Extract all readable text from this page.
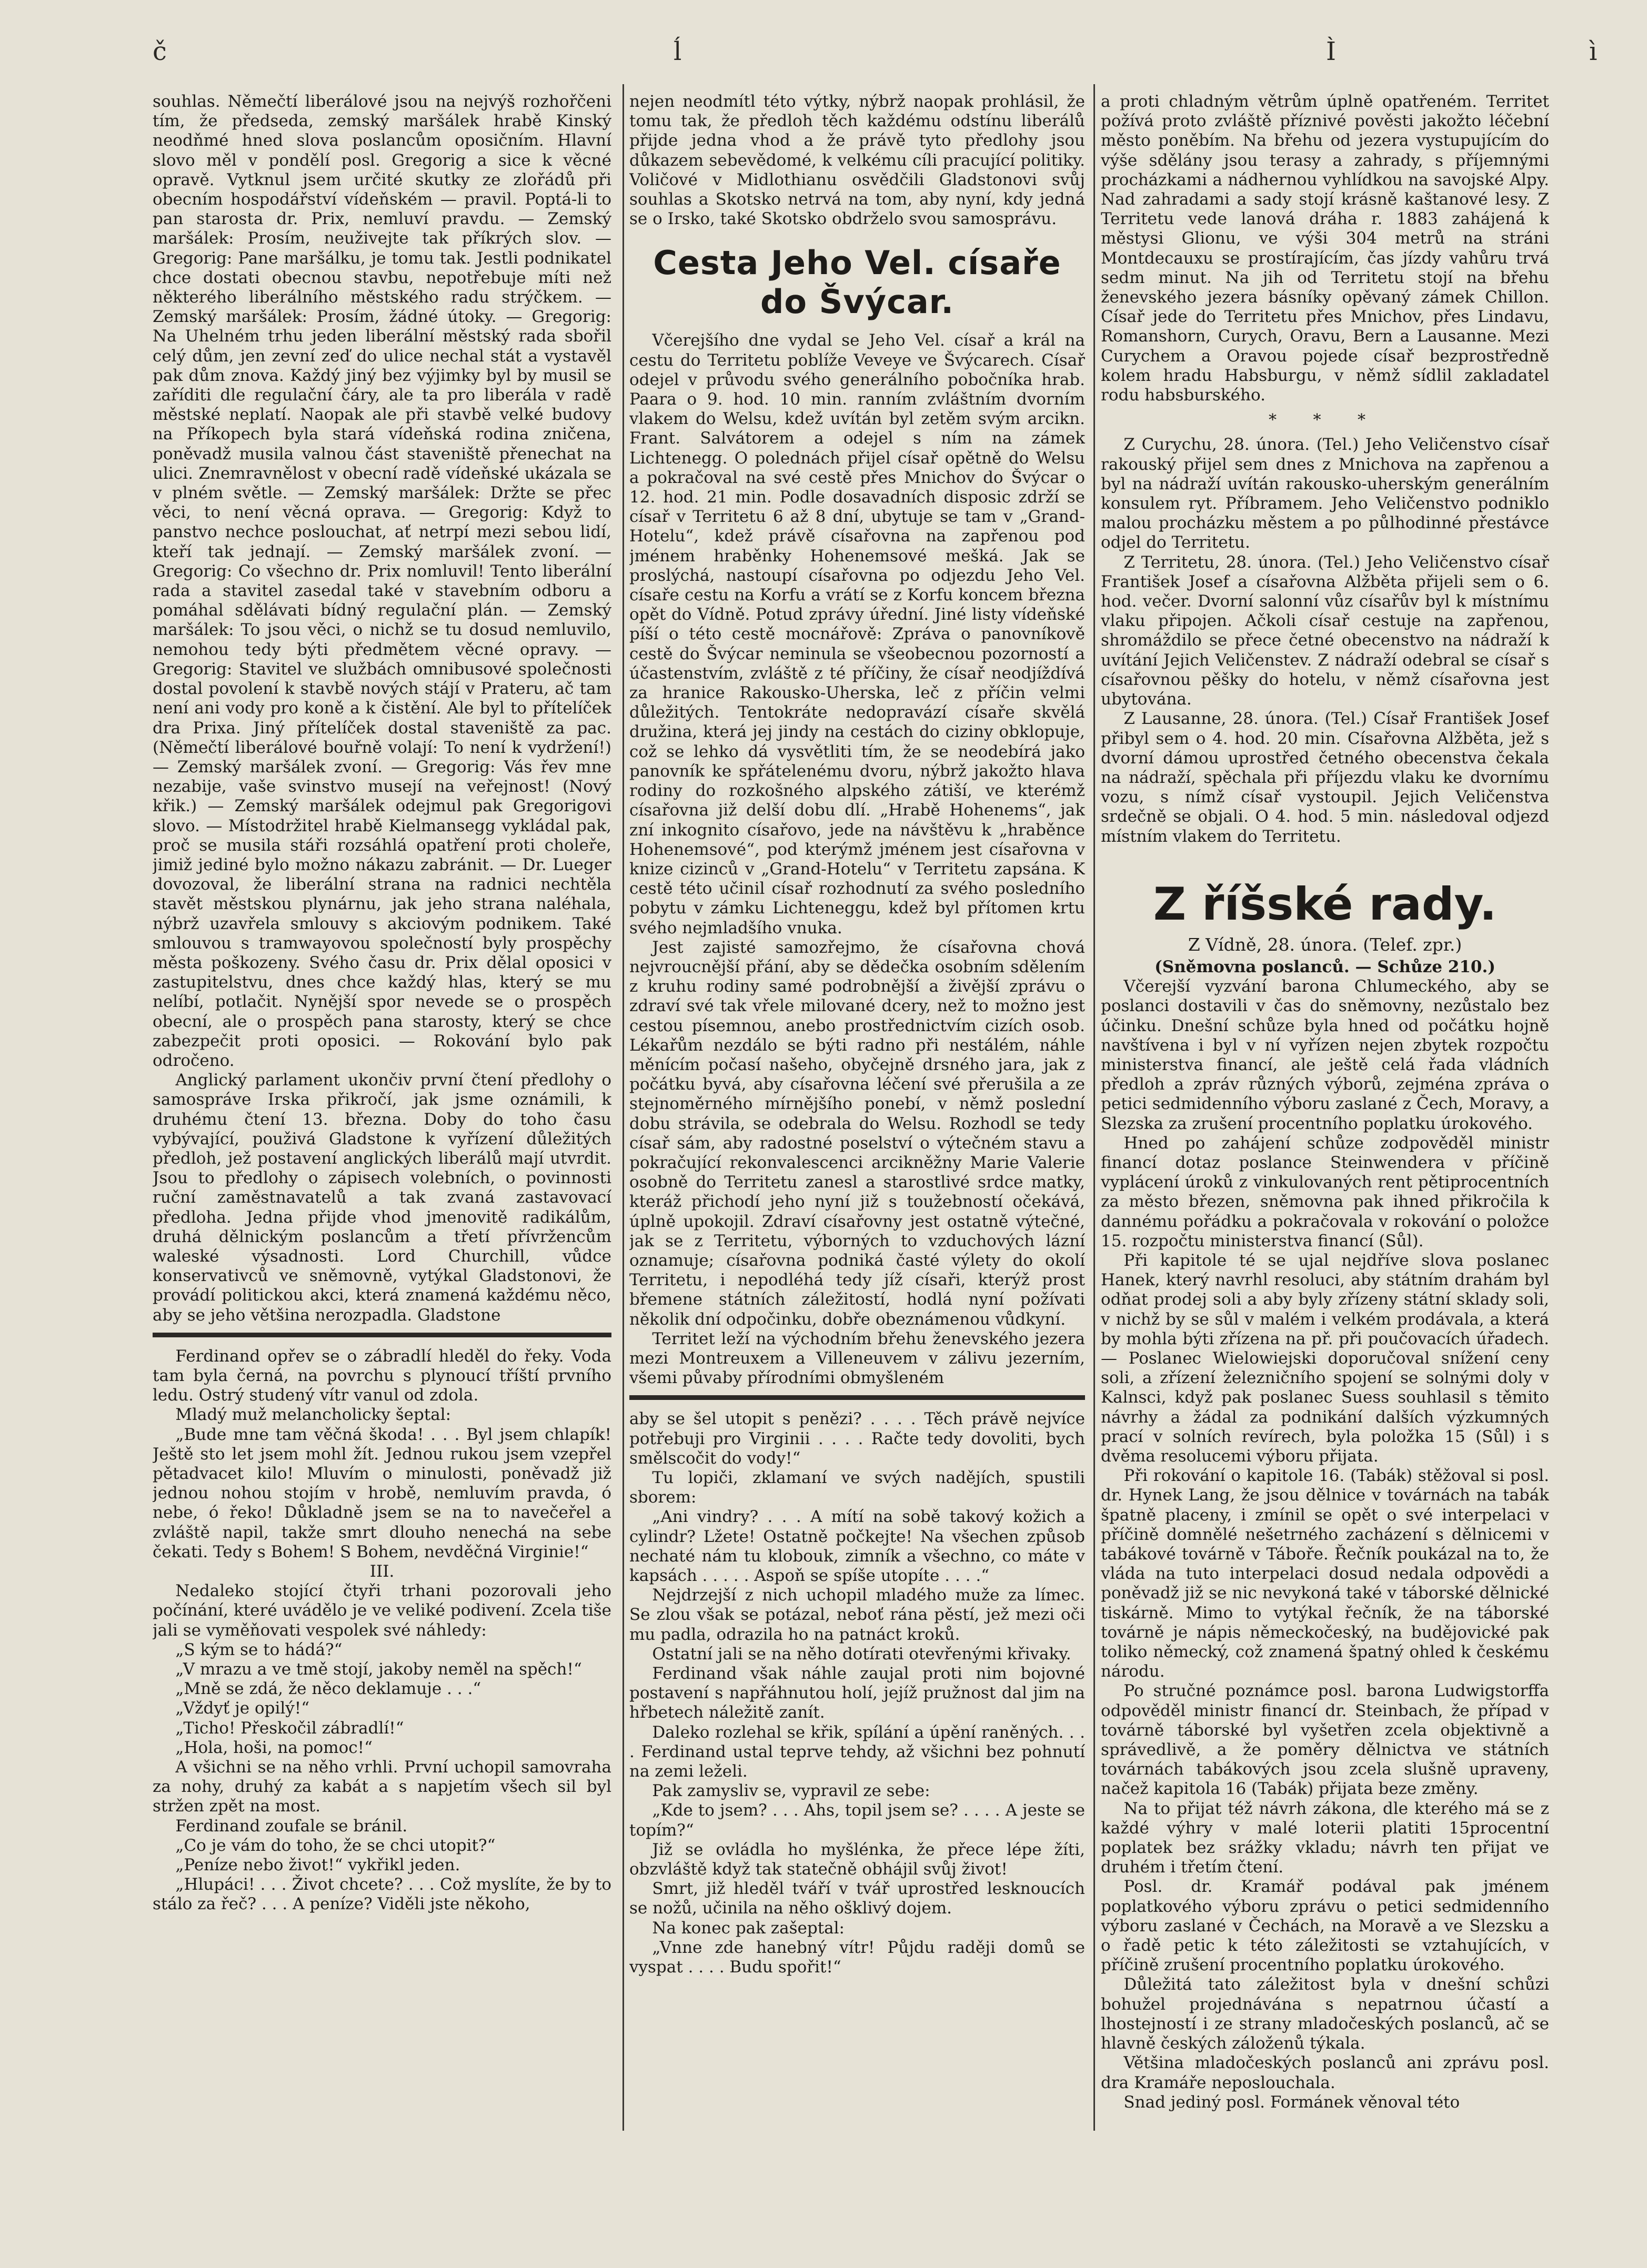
č	ĺ	Ì	ì

souhlas. Němečtí liberálové jsou na nejvýš rozhořčeni tím, že předseda, zemský maršálek hrabě Kinský neodňmé hned slova poslancům oposičním. Hlavní slovo měl v pondělí posl. Gregorig a sice k věcné opravě. Vytknul jsem určité skutky ze zlořádů při obecním hospodářství vídeňském — pravil. Poptá-li to pan starosta dr. Prix, nemluví pravdu. — Zemský maršálek: Prosím, neuživejte tak příkrých slov. — Gregorig: Pane maršálku, je tomu tak. Jestli podnikatel chce dostati obecnou stavbu, nepotřebuje míti než některého liberálního městského radu strýčkem. — Zemský maršálek: Prosím, žádné útoky. — Gregorig: Na Uhelném trhu jeden liberální městský rada sbořil celý dům, jen zevní zeď do ulice nechal stát a vystavěl pak dům znova. Každý jiný bez výjimky byl by musil se zaříditi dle regulační čáry, ale ta pro liberála v radě městské neplatí. Naopak ale při stavbě velké budovy na Příkopech byla stará vídeňská rodina zničena, poněvadž musila valnou část staveniště přenechat na ulici. Znemravnělost v obecní radě vídeňské ukázala se v plném světle. — Zemský maršálek: Držte se přec věci, to není věcná oprava. — Gregorig: Když to panstvo nechce poslouchat, ať netrpí mezi sebou lidí, kteří tak jednají. — Zemský maršálek zvoní. — Gregorig: Co všechno dr. Prix nomluvil! Tento liberální rada a stavitel zasedal také v stavebním odboru a pomáhal sdělávati bídný regulační plán. — Zemský maršálek: To jsou věci, o nichž se tu dosud nemluvilo, nemohou tedy býti předmětem věcné opravy. — Gregorig: Stavitel ve službách omnibusové společnosti dostal povolení k stavbě nových stájí v Prateru, ač tam není ani vody pro koně a k čistění. Ale byl to přítelíček dra Prixa. Jiný přítelíček dostal staveniště za pac. (Němečtí liberálové bouřně volají: To není k vydržení!) — Zemský maršálek zvoní. — Gregorig: Vás řev mne nezabije, vaše svinstvo musejí na veřejnost! (Nový křik.) — Zemský maršálek odejmul pak Gregorigovi slovo. — Místodržitel hrabě Kielmansegg vykládal pak, proč se musila stáři rozsáhlá opatření proti choleře, jimiž jediné bylo možno nákazu zabránit. — Dr. Lueger dovozoval, že liberální strana na radnici nechtěla stavět městskou plynárnu, jak jeho strana naléhala, nýbrž uzavřela smlouvy s akciovým podnikem. Také smlouvou s tramwayovou společností byly prospěchy města poškozeny. Svého času dr. Prix dělal oposici v zastupitelstvu, dnes chce každý hlas, který se mu nelíbí, potlačit. Nynější spor nevede se o prospěch obecní, ale o prospěch pana starosty, který se chce zabezpečit proti oposici. — Rokování bylo pak odročeno.

Anglický parlament ukončiv první čtení předlohy o samospráve Irska přikročí, jak jsme oznámili, k druhému čtení 13. března. Doby do toho času vybývající, použivá Gladstone k vyřízení důležitých předloh, jež postavení anglických liberálů mají utvrdit. Jsou to předlohy o zápisech volebních, o povinnosti ruční zaměstnavatelů a tak zvaná zastavovací předloha. Jedna přijde vhod jmenovitě radikálům, druhá dělnickým poslancům a třetí přívržencům waleské výsadnosti. Lord Churchill, vůdce konservativců ve sněmovně, vytýkal Gladstonovi, že provádí politickou akci, která znamená každému něco, aby se jeho většina nerozpadla. Gladstone

Ferdinand opřev se o zábradlí hleděl do řeky. Voda tam byla černá, na povrchu s plynoucí tříští prvního ledu. Ostrý studený vítr vanul od zdola.

Mladý muž melancholicky šeptal:

„Bude mne tam věčná škoda! . . . Byl jsem chlapík! Ještě sto let jsem mohl žít. Jednou rukou jsem vzepřel pětadvacet kilo! Mluvím o minulosti, poněvadž již jednou nohou stojím v hrobě, nemluvím pravda, ó nebe, ó řeko! Důkladně jsem se na to navečeřel a zvláště napil, takže smrt dlouho nenechá na sebe čekati. Tedy s Bohem! S Bohem, nevděčná Virginie!“

III.

Nedaleko stojící čtyři trhani pozorovali jeho počínání, které uvádělo je ve veliké podivení. Zcela tiše jali se vyměňovati vespolek své náhledy:

„S kým se to hádá?“

„V mrazu a ve tmě stojí, jakoby neměl na spěch!“

„Mně se zdá, že něco deklamuje . . .“

„Vždyť je opilý!“

„Ticho! Přeskočil zábradlí!“

„Hola, hoši, na pomoc!“

A všichni se na něho vrhli. První uchopil samovraha za nohy, druhý za kabát a s napjetím všech sil byl stržen zpět na most.

Ferdinand zoufale se bránil.

„Co je vám do toho, že se chci utopit?“

„Peníze nebo život!“ vykřikl jeden.

„Hlupáci! . . . Život chcete? . . . Což myslíte, že by to stálo za řeč? . . . A peníze? Viděli jste někoho,

nejen neodmítl této výtky, nýbrž naopak prohlásil, že tomu tak, že předloh těch každému odstínu liberálů přijde jedna vhod a že právě tyto předlohy jsou důkazem sebevědomé, k velkému cíli pracující politiky. Voličové v Midlothianu osvědčili Gladstonovi svůj souhlas a Skotsko netrvá na tom, aby nyní, kdy jedná se o Irsko, také Skotsko obdrželo svou samosprávu.

Cesta Jeho Vel. císaře do Švýcar.

Včerejšího dne vydal se Jeho Vel. císař a král na cestu do Territetu poblíže Veveye ve Švýcarech. Císař odejel v průvodu svého generálního pobočníka hrab. Paara o 9. hod. 10 min. ranním zvláštním dvorním vlakem do Welsu, kdež uvítán byl zetěm svým arcikn. Frant. Salvátorem a odejel s ním na zámek Lichtenegg. O polednách přijel císař opětně do Welsu a pokračoval na své cestě přes Mnichov do Švýcar o 12. hod. 21 min. Podle dosavadních disposic zdrží se císař v Territetu 6 až 8 dní, ubytuje se tam v „Grand-Hotelu“, kdež právě císařovna na zapřenou pod jménem hraběnky Hohenemsové mešká. Jak se proslýchá, nastoupí císařovna po odjezdu Jeho Vel. císaře cestu na Korfu a vrátí se z Korfu koncem března opět do Vídně. Potud zprávy úřední. Jiné listy vídeňské píší o této cestě mocnářově: Zpráva o panovníkově cestě do Švýcar neminula se všeobecnou pozorností a účastenstvím, zvláště z té příčiny, že císař neodjíždívá za hranice Rakousko-Uherska, leč z příčin velmi důležitých. Tentokráte nedopravází císaře skvělá družina, která jej jindy na cestách do ciziny obklopuje, což se lehko dá vysvětliti tím, že se neodebírá jako panovník ke spřátelenému dvoru, nýbrž jakožto hlava rodiny do rozkošného alpského zátiší, ve kterémž císařovna již delší dobu dlí. „Hrabě Hohenems“, jak zní inkognito císařovo, jede na návštěvu k „hraběnce Hohenemsové“, pod kterýmž jménem jest císařovna v knize cizinců v „Grand-Hotelu“ v Territetu zapsána. K cestě této učinil císař rozhodnutí za svého posledního pobytu v zámku Lichteneggu, kdež byl přítomen krtu svého nejmladšího vnuka.

Jest zajisté samozřejmo, že císařovna chová nejvroucnější přání, aby se dědečka osobním sdělením z kruhu rodiny samé podrobnější a živější zprávu o zdraví své tak vřele milované dcery, než to možno jest cestou písemnou, anebo prostřednictvím cizích osob. Lékařům nezdálo se býti radno při nestálém, náhle měnícím počasí našeho, obyčejně drsného jara, jak z počátku byvá, aby císařovna léčení své přerušila a ze stejnoměrného mírnějšího ponebí, v němž poslední dobu strávila, se odebrala do Welsu. Rozhodl se tedy císař sám, aby radostné poselství o výtečném stavu a pokračující rekonvalescenci arcikněžny Marie Valerie osobně do Territetu zanesl a starostlivé srdce matky, kteráž přichodí jeho nyní již s toužebností očekává, úplně upokojil. Zdraví císařovny jest ostatně výtečné, jak se z Territetu, výborných to vzduchových lázní oznamuje; císařovna podniká časté výlety do okolí Territetu, i nepodléhá tedy jíž císaři, kterýž prost břemene státních záležitostí, hodlá nyní požívati několik dní odpočinku, dobře obeznámenou vůdkyní.

Territet leží na východním břehu ženevského jezera mezi Montreuxem a Villeneuvem v zálivu jezerním, všemi půvaby přírodními obmyšleném

aby se šel utopit s penězi? . . . . Těch právě nejvíce potřebuji pro Virginii . . . . Račte tedy dovoliti, bych smělscočit do vody!“

Tu lopiči, zklamaní ve svých nadějích, spustili sborem:

„Ani vindry? . . . A mítí na sobě takový kožich a cylindr? Lžete! Ostatně počkejte! Na všechen způsob nechaté nám tu klobouk, zimník a všechno, co máte v kapsách . . . . . Aspoň se spíše utopíte . . . .“

Nejdrzejší z nich uchopil mladého muže za límec. Se zlou však se potázal, neboť rána pěstí, jež mezi oči mu padla, odrazila ho na patnáct kroků.

Ostatní jali se na něho dotírati otevřenými křivaky.

Ferdinand však náhle zaujal proti nim bojovné postavení s napřáhnutou holí, jejíž pružnost dal jim na hřbetech náležitě zanít.

Daleko rozlehal se křik, spílání a úpění raněných. . . . Ferdinand ustal teprve tehdy, až všichni bez pohnutí na zemi leželi.

Pak zamysliv se, vypravil ze sebe:

„Kde to jsem? . . . Ahs, topil jsem se? . . . . A jeste se topím?“

Již se ovládla ho myšlénka, že přece lépe žíti, obzvláště když tak statečně obhájil svůj život!

Smrt, již hleděl tváří v tvář uprostřed lesknoucích se nožů, učinila na něho ošklivý dojem.

Na konec pak zašeptal:

„Vnne zde hanebný vítr! Půjdu raději domů se vyspat . . . . Budu spořit!“

a proti chladným větrům úplně opatřeném. Territet požívá proto zvláště příznivé pověsti jakožto léčební město poněbím. Na břehu od jezera vystupujícím do výše sdělány jsou terasy a zahrady, s příjemnými procházkami a nádhernou vyhlídkou na savojské Alpy. Nad zahradami a sady stojí krásně kaštanové lesy. Z Territetu vede lanová dráha r. 1883 zahájená k městysi Glionu, ve výši 304 metrů na stráni Montdecauxu se prostírajícím, čas jízdy vahůru trvá sedm minut. Na jih od Territetu stojí na břehu ženevského jezera básníky opěvaný zámek Chillon. Císař jede do Territetu přes Mnichov, přes Lindavu, Romanshorn, Curych, Oravu, Bern a Lausanne. Mezi Curychem a Oravou pojede císař bezprostředně kolem hradu Habsburgu, v němž sídlil zakladatel rodu habsburského.

* * *

Z Curychu, 28. února. (Tel.) Jeho Veličenstvo císař rakouský přijel sem dnes z Mnichova na zapřenou a byl na nádraží uvítán rakousko-uherským generálním konsulem ryt. Příbramem. Jeho Veličenstvo podniklo malou procházku městem a po půlhodinné přestávce odjel do Territetu.

Z Territetu, 28. února. (Tel.) Jeho Veličenstvo císař František Josef a císařovna Alžběta přijeli sem o 6. hod. večer. Dvorní salonní vůz císařův byl k místnímu vlaku připojen. Ačkoli císař cestuje na zapřenou, shromáždilo se přece četné obecenstvo na nádraží k uvítání Jejich Veličenstev. Z nádraží odebral se císař s císařovnou pěšky do hotelu, v němž císařovna jest ubytována.

Z Lausanne, 28. února. (Tel.) Císař František Josef přibyl sem o 4. hod. 20 min. Císařovna Alžběta, jež s dvorní dámou uprostřed četného obecenstva čekala na nádraží, spěchala při příjezdu vlaku ke dvornímu vozu, s nímž císař vystoupil. Jejich Veličenstva srdečně se objali. O 4. hod. 5 min. následoval odjezd místním vlakem do Territetu.

Z říšské rady.
Z Vídně, 28. února. (Telef. zpr.)

(Sněmovna poslanců. — Schůze 210.)

Včerejší vyzvání barona Chlumeckého, aby se poslanci dostavili v čas do sněmovny, nezůstalo bez účinku. Dnešní schůze byla hned od počátku hojně navštívena i byl v ní vyřízen nejen zbytek rozpočtu ministerstva financí, ale ještě celá řada vládních předloh a zpráv různých výborů, zejména zpráva o petici sedmidenního výboru zaslané z Čech, Moravy, a Slezska za zrušení procentního poplatku úrokového.

Hned po zahájení schůze zodpověděl ministr financí dotaz poslance Steinwendera v příčině vyplácení úroků z vinkulovaných rent pětiprocentních za město březen, sněmovna pak ihned přikročila k dannému pořádku a pokračovala v rokování o položce 15. rozpočtu ministerstva financí (Sůl).

Při kapitole té se ujal nejdříve slova poslanec Hanek, který navrhl resoluci, aby státním drahám byl odňat prodej soli a aby byly zřízeny státní sklady soli, v nichž by se sůl v malém i velkém prodávala, a která by mohla býti zřízena na př. při poučovacích úřadech. — Poslanec Wielowiejski doporučoval snížení ceny soli, a zřízení železničního spojení se solnými doly v Kalnsci, když pak poslanec Suess souhlasil s těmito návrhy a žádal za podnikání dalších výzkumných prací v solních revírech, byla položka 15 (Sůl) i s dvěma resolucemi výboru přijata.

Při rokování o kapitole 16. (Tabák) stěžoval si posl. dr. Hynek Lang, že jsou dělnice v továrnách na tabák špatně placeny, i zmínil se opět o své interpelaci v příčině domnělé nešetrného zacházení s dělnicemi v tabákové továrně v Táboře. Řečník poukázal na to, že vláda na tuto interpelaci dosud nedala odpovědi a poněvadž již se nic nevykoná také v táborské dělnické tiskárně. Mimo to vytýkal řečník, že na táborské továrně je nápis německočeský, na budějovické pak toliko německý, což znamená špatný ohled k českému národu.

Po stručné poznámce posl. barona Ludwigstorffa odpověděl ministr financí dr. Steinbach, že případ v továrně táborské byl vyšetřen zcela objektivně a správedlivě, a že poměry dělnictva ve státních továrnách tabákových jsou zcela slušně upraveny, načež kapitola 16 (Tabák) přijata beze změny.

Na to přijat též návrh zákona, dle kterého má se z každé výhry v malé loterii platiti 15procentní poplatek bez srážky vkladu; návrh ten přijat ve druhém i třetím čtení.

Posl. dr. Kramář podával pak jménem poplatkového výboru zprávu o petici sedmidenního výboru zaslané v Čechách, na Moravě a ve Slezsku a o řadě petic k této záležitosti se vztahujících, v příčině zrušení procentního poplatku úrokového.

Důležitá tato záležitost byla v dnešní schůzi bohužel projednávána s nepatrnou účastí a lhostejností i ze strany mladočeských poslanců, ač se hlavně českých záloženů týkala.

Většina mladočeských poslanců ani zprávu posl. dra Kramáře neposlouchala.

Snad jediný posl. Formánek věnoval této
